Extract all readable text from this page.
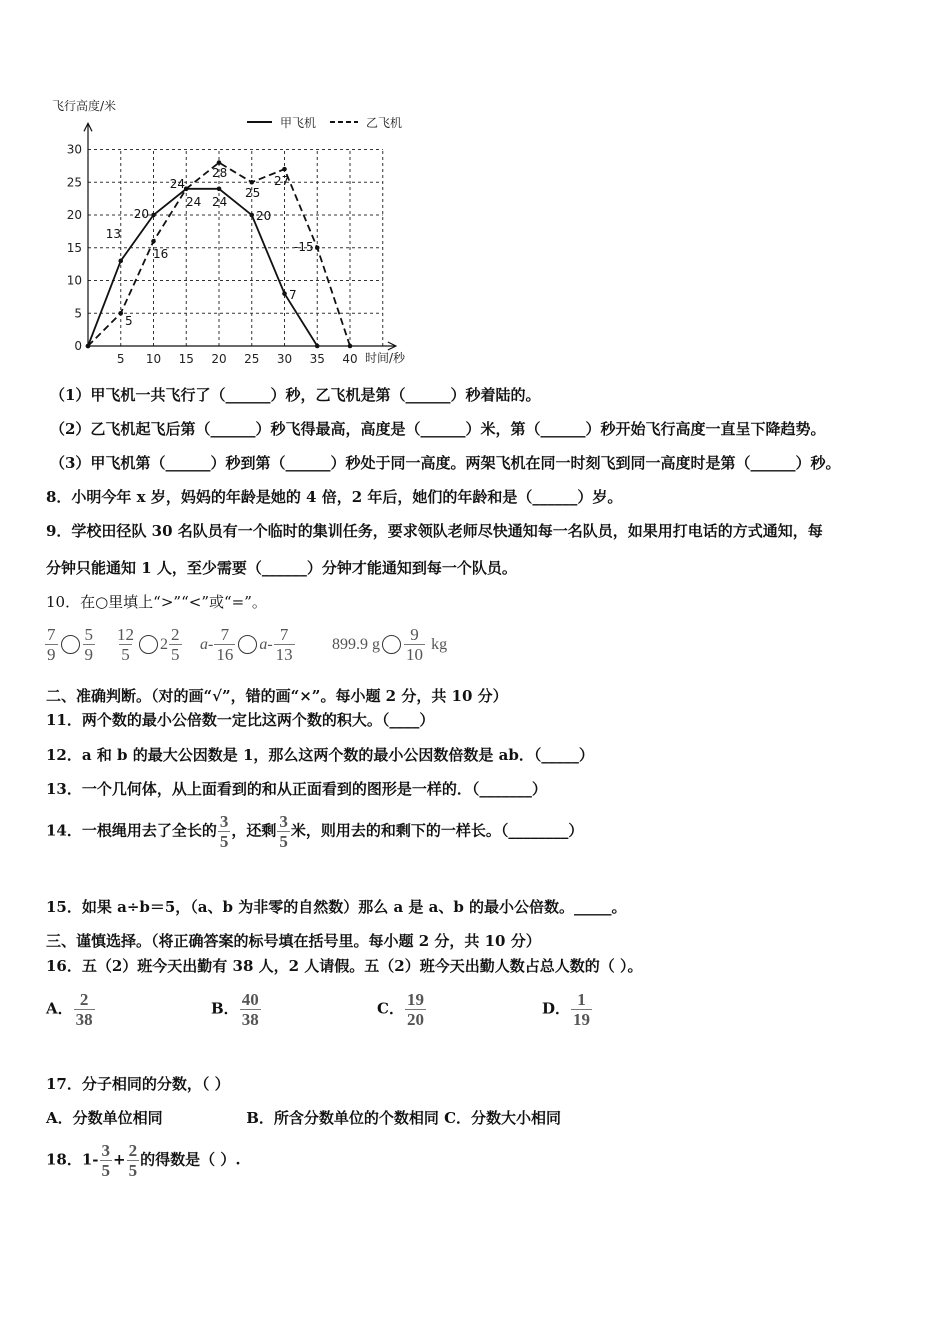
0
5
10
15
20
25
30
5 10 15 20 25 30 35 40
13
20
24
24 24
20
7
5
16
28
25
27
-15
飞行高度/米
时间/秒
甲飞机	乙飞机
（1）甲飞机一共飞行了（______）秒，乙飞机是第（______）秒着陆的。
（2）乙飞机起飞后第（______）秒飞得最高，高度是（______）米，第（______）秒开始飞行高度一直呈下降趋势。
（3）甲飞机第（______）秒到第（______）秒处于同一高度。两架飞机在同一时刻飞到同一高度时是第（______）秒。
8．小明今年 x 岁，妈妈的年龄是她的 4 倍，2 年后，她们的年龄和是（______）岁。
9．学校田径队 30 名队员有一个临时的集训任务，要求领队老师尽快通知每一名队员，如果用打电话的方式通知，每
分钟只能通知 1 人，至少需要（______）分钟才能通知到每一个队员。
10．在○里填上“>”“<”或“=”。
$\frac{7}{9} \frac{5}{9} \frac{12}{5} 2 \frac{2}{5} a- \frac{7}{16} a- \frac{7}{13} 899.9$ g $\frac{9}{10}$ kg
二、准确判断。（对的画“√”，错的画“×”。每小题 2 分，共 10 分）
11．两个数的最小公倍数一定比这两个数的积大。（____）
12．a 和 b 的最大公因数是 1，那么这两个数的最小公因数倍数是 ab．（_____）
13．一个几何体，从上面看到的和从正面看到的图形是一样的．（_______）
14．一根绳用去了全长的 $\frac{3}{5}$ ，还剩 $\frac{3}{5}$ 米，则用去的和剩下的一样长。（________）
15．如果 a÷b＝5，（a、b 为非零的自然数）那么 a 是 a、b 的最小公倍数。_____。
三、谨慎选择。（将正确答案的标号填在括号里。每小题 2 分，共 10 分）
16．五（2）班今天出勤有 38 人，2 人请假。五（2）班今天出勤人数占总人数的（ ）。
A． $\frac{2}{38}$	B． $\frac{40}{38}$	C． $\frac{19}{20}$	D． $\frac{1}{19}$
17．分子相同的分数，（ ）
A．分数单位相同                B．所含分数单位的个数相同 C．分数大小相同
18．$1- \frac{3}{5} + \frac{2}{5}$ 的得数是（ ）.
